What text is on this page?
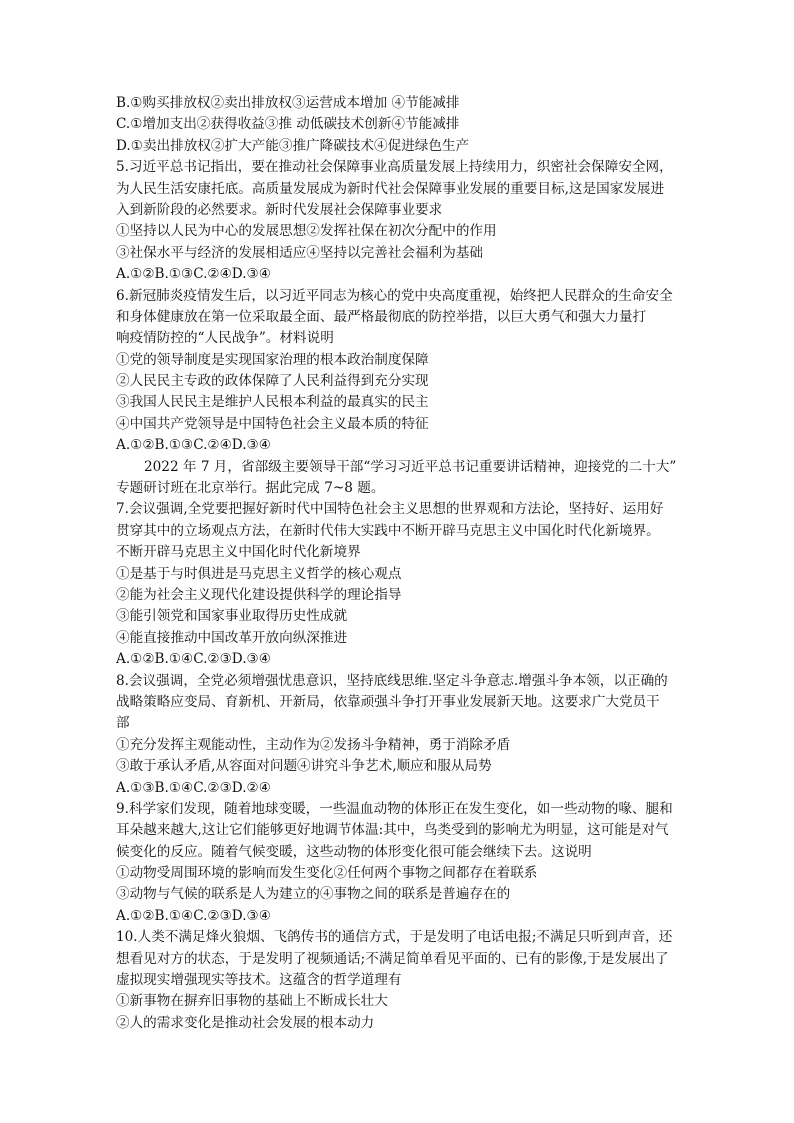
B.①购买排放权②卖出排放权③运营成本增加 ④节能减排
C.①增加支出②获得收益③推 动低碳技术创新④节能减排
D.①卖出排放权②扩大产能③推广降碳技术④促进绿色生产
5.习近平总书记指出，要在推动社会保障事业高质量发展上持续用力，织密社会保障安全网，
为人民生活安康托底。高质量发展成为新时代社会保障事业发展的重要目标,这是国家发展进
入到新阶段的必然要求。新时代发展社会保障事业要求
①坚持以人民为中心的发展思想②发挥社保在初次分配中的作用
③社保水平与经济的发展相适应④坚持以完善社会福利为基础
A.①②B.①③C.②④D.③④
6.新冠肺炎疫情发生后，以习近平同志为核心的党中央高度重视，始终把人民群众的生命安全
和身体健康放在第一位采取最全面、最严格最彻底的防控举措，以巨大勇气和强大力量打
响疫情防控的“人民战争”。材料说明
①党的领导制度是实现国家治理的根本政治制度保障
②人民民主专政的政体保障了人民利益得到充分实现
③我国人民民主是维护人民根本利益的最真实的民主
④中国共产党领导是中国特色社会主义最本质的特征
A.①②B.①③C.②④D.③④
2022 年 7 月，省部级主要领导干部“学习习近平总书记重要讲话精神，迎接党的二十大”
专题研讨班在北京举行。据此完成 7~8 题。
7.会议强调,全党要把握好新时代中国特色社会主义思想的世界观和方法论，坚持好、运用好
贯穿其中的立场观点方法，在新时代伟大实践中不断开辟马克思主义中国化时代化新境界。
不断开辟马克思主义中国化时代化新境界
①是基于与时俱进是马克思主义哲学的核心观点
②能为社会主义现代化建设提供科学的理论指导
③能引领党和国家事业取得历史性成就
④能直接推动中国改革开放向纵深推进
A.①②B.①④C.②③D.③④
8.会议强调，全党必须增强忧患意识，坚持底线思维.坚定斗争意志.增强斗争本领，以正确的
战略策略应变局、育新机、开新局，依靠顽强斗争打开事业发展新天地。这要求广大党员干
部
①充分发挥主观能动性，主动作为②发扬斗争精神，勇于消除矛盾
③敢于承认矛盾,从容面对问题④讲究斗争艺术,顺应和服从局势
A.①③B.①④C.②③D.②④
9.科学家们发现，随着地球变暖，一些温血动物的体形正在发生变化，如一些动物的喙、腿和
耳朵越来越大,这让它们能够更好地调节体温:其中，鸟类受到的影响尤为明显，这可能是对气
候变化的反应。随着气候变暖，这些动物的体形变化很可能会继续下去。这说明
①动物受周围环境的影响而发生变化②任何两个事物之间都存在着联系
③动物与气候的联系是人为建立的④事物之间的联系是普遍存在的
A.①②B.①④C.②③D.③④
10.人类不满足烽火狼烟、飞鸽传书的通信方式，于是发明了电话电报;不满足只听到声音，还
想看见对方的状态，于是发明了视频通话;不满足简单看见平面的、已有的影像,于是发展出了
虚拟现实增强现实等技术。这蕴含的哲学道理有
①新事物在摒弃旧事物的基础上不断成长壮大
②人的需求变化是推动社会发展的根本动力
